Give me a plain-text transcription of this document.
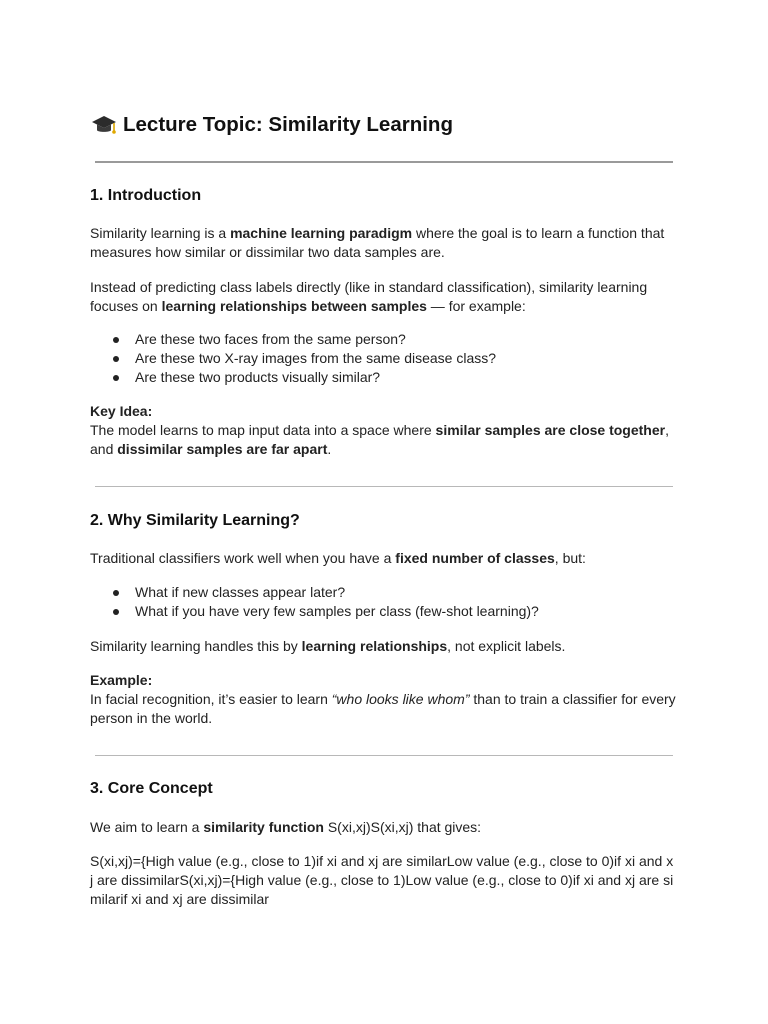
Lecture Topic: Similarity Learning
1. Introduction

Similarity learning is a machine learning paradigm where the goal is to learn a function that measures how similar or dissimilar two data samples are.

Instead of predicting class labels directly (like in standard classification), similarity learning focuses on learning relationships between samples — for example:

Are these two faces from the same person?
Are these two X-ray images from the same disease class?
Are these two products visually similar?

Key Idea:
The model learns to map input data into a space where similar samples are close together, and dissimilar samples are far apart.

2. Why Similarity Learning?

Traditional classifiers work well when you have a fixed number of classes, but:

What if new classes appear later?
What if you have very few samples per class (few-shot learning)?

Similarity learning handles this by learning relationships, not explicit labels.

Example:
In facial recognition, it’s easier to learn “who looks like whom” than to train a classifier for every person in the world.

3. Core Concept

We aim to learn a similarity function S(xi,xj)S(xi,xj) that gives:

S(xi,xj)={High value (e.g., close to 1)if xi and xj are similarLow value (e.g., close to 0)if xi and xj are dissimilarS(xi,xj)={High value (e.g., close to 1)Low value (e.g., close to 0)if xi and xj are similarif xi and xj are dissimilar
